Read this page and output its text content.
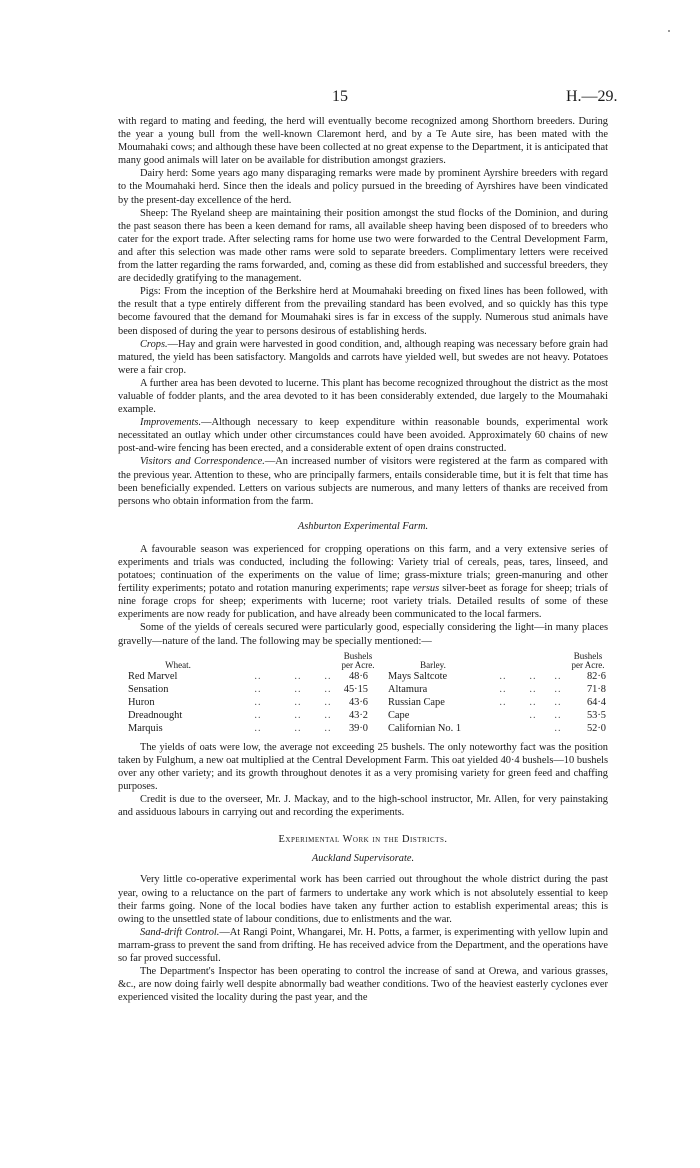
15	H.—29.

with regard to mating and feeding, the herd will eventually become recognized among Shorthorn breeders. During the year a young bull from the well-known Claremont herd, and by a Te Aute sire, has been mated with the Moumahaki cows; and although these have been collected at no great expense to the Department, it is anticipated that many good animals will later on be available for distribution amongst graziers.

Dairy herd: Some years ago many disparaging remarks were made by prominent Ayrshire breeders with regard to the Moumahaki herd. Since then the ideals and policy pursued in the breeding of Ayrshires have been vindicated by the present-day excellence of the herd.

Sheep: The Ryeland sheep are maintaining their position amongst the stud flocks of the Dominion, and during the past season there has been a keen demand for rams, all available sheep having been disposed of to breeders who cater for the export trade. After selecting rams for home use two were forwarded to the Central Development Farm, and after this selection was made other rams were sold to separate breeders. Complimentary letters were received from the latter regarding the rams forwarded, and, coming as these did from established and successful breeders, they are decidedly gratifying to the management.

Pigs: From the inception of the Berkshire herd at Moumahaki breeding on fixed lines has been followed, with the result that a type entirely different from the prevailing standard has been evolved, and so quickly has this type become favoured that the demand for Moumahaki sires is far in excess of the supply. Numerous stud animals have been disposed of during the year to persons desirous of establishing herds.

Crops.—Hay and grain were harvested in good condition, and, although reaping was necessary before grain had matured, the yield has been satisfactory. Mangolds and carrots have yielded well, but swedes are not heavy. Potatoes were a fair crop.

A further area has been devoted to lucerne. This plant has become recognized throughout the district as the most valuable of fodder plants, and the area devoted to it has been considerably extended, due largely to the Moumahaki example.

Improvements.—Although necessary to keep expenditure within reasonable bounds, experimental work necessitated an outlay which under other circumstances could have been avoided. Approximately 60 chains of new post-and-wire fencing has been erected, and a considerable extent of open drains constructed.

Visitors and Correspondence.—An increased number of visitors were registered at the farm as compared with the previous year. Attention to these, who are principally farmers, entails considerable time, but it is felt that time has been beneficially expended. Letters on various subjects are numerous, and many letters of thanks are received from persons who obtain information from the farm.

Ashburton Experimental Farm.

A favourable season was experienced for cropping operations on this farm, and a very extensive series of experiments and trials was conducted, including the following: Variety trial of cereals, peas, tares, linseed, and potatoes; continuation of the experiments on the value of lime; grass-mixture trials; green-manuring and other fertility experiments; potato and rotation manuring experiments; rape versus silver-beet as forage for sheep; trials of nine forage crops for sheep; experiments with lucerne; root variety trials. Detailed results of some of these experiments are now ready for publication, and have already been communicated to the local farmers.

Some of the yields of cereals secured were particularly good, especially considering the light—in many places gravelly—nature of the land. The following may be specially mentioned:—

Wheat.				Bushels
per Acre.	Barley.				Bushels
per Acre.
Red Marvel	..	..	..	48·6	Mays Saltcote	..	..	..	82·6
Sensation	..	..	..	45·15	Altamura	..	..	..	71·8
Huron	..	..	..	43·6	Russian Cape	..	..	..	64·4
Dreadnought	..	..	..	43·2	Cape		..	..	53·5
Marquis	..	..	..	39·0	Californian No. 1			..	52·0

The yields of oats were low, the average not exceeding 25 bushels. The only noteworthy fact was the position taken by Fulghum, a new oat multiplied at the Central Development Farm. This oat yielded 40·4 bushels—10 bushels over any other variety; and its growth throughout denotes it as a very promising variety for green feed and chaffing purposes.

Credit is due to the overseer, Mr. J. Mackay, and to the high-school instructor, Mr. Allen, for very painstaking and assiduous labours in carrying out and recording the experiments.

Experimental Work in the Districts.
Auckland Supervisorate.

Very little co-operative experimental work has been carried out throughout the whole district during the past year, owing to a reluctance on the part of farmers to undertake any work which is not absolutely essential to keep their farms going. None of the local bodies have taken any further action to establish experimental areas; this is owing to the unsettled state of labour conditions, due to enlistments and the war.

Sand-drift Control.—At Rangi Point, Whangarei, Mr. H. Potts, a farmer, is experimenting with yellow lupin and marram-grass to prevent the sand from drifting. He has received advice from the Department, and the operations have so far proved successful.

The Department's Inspector has been operating to control the increase of sand at Orewa, and various grasses, &c., are now doing fairly well despite abnormally bad weather conditions. Two of the heaviest easterly cyclones ever experienced visited the locality during the past year, and the
